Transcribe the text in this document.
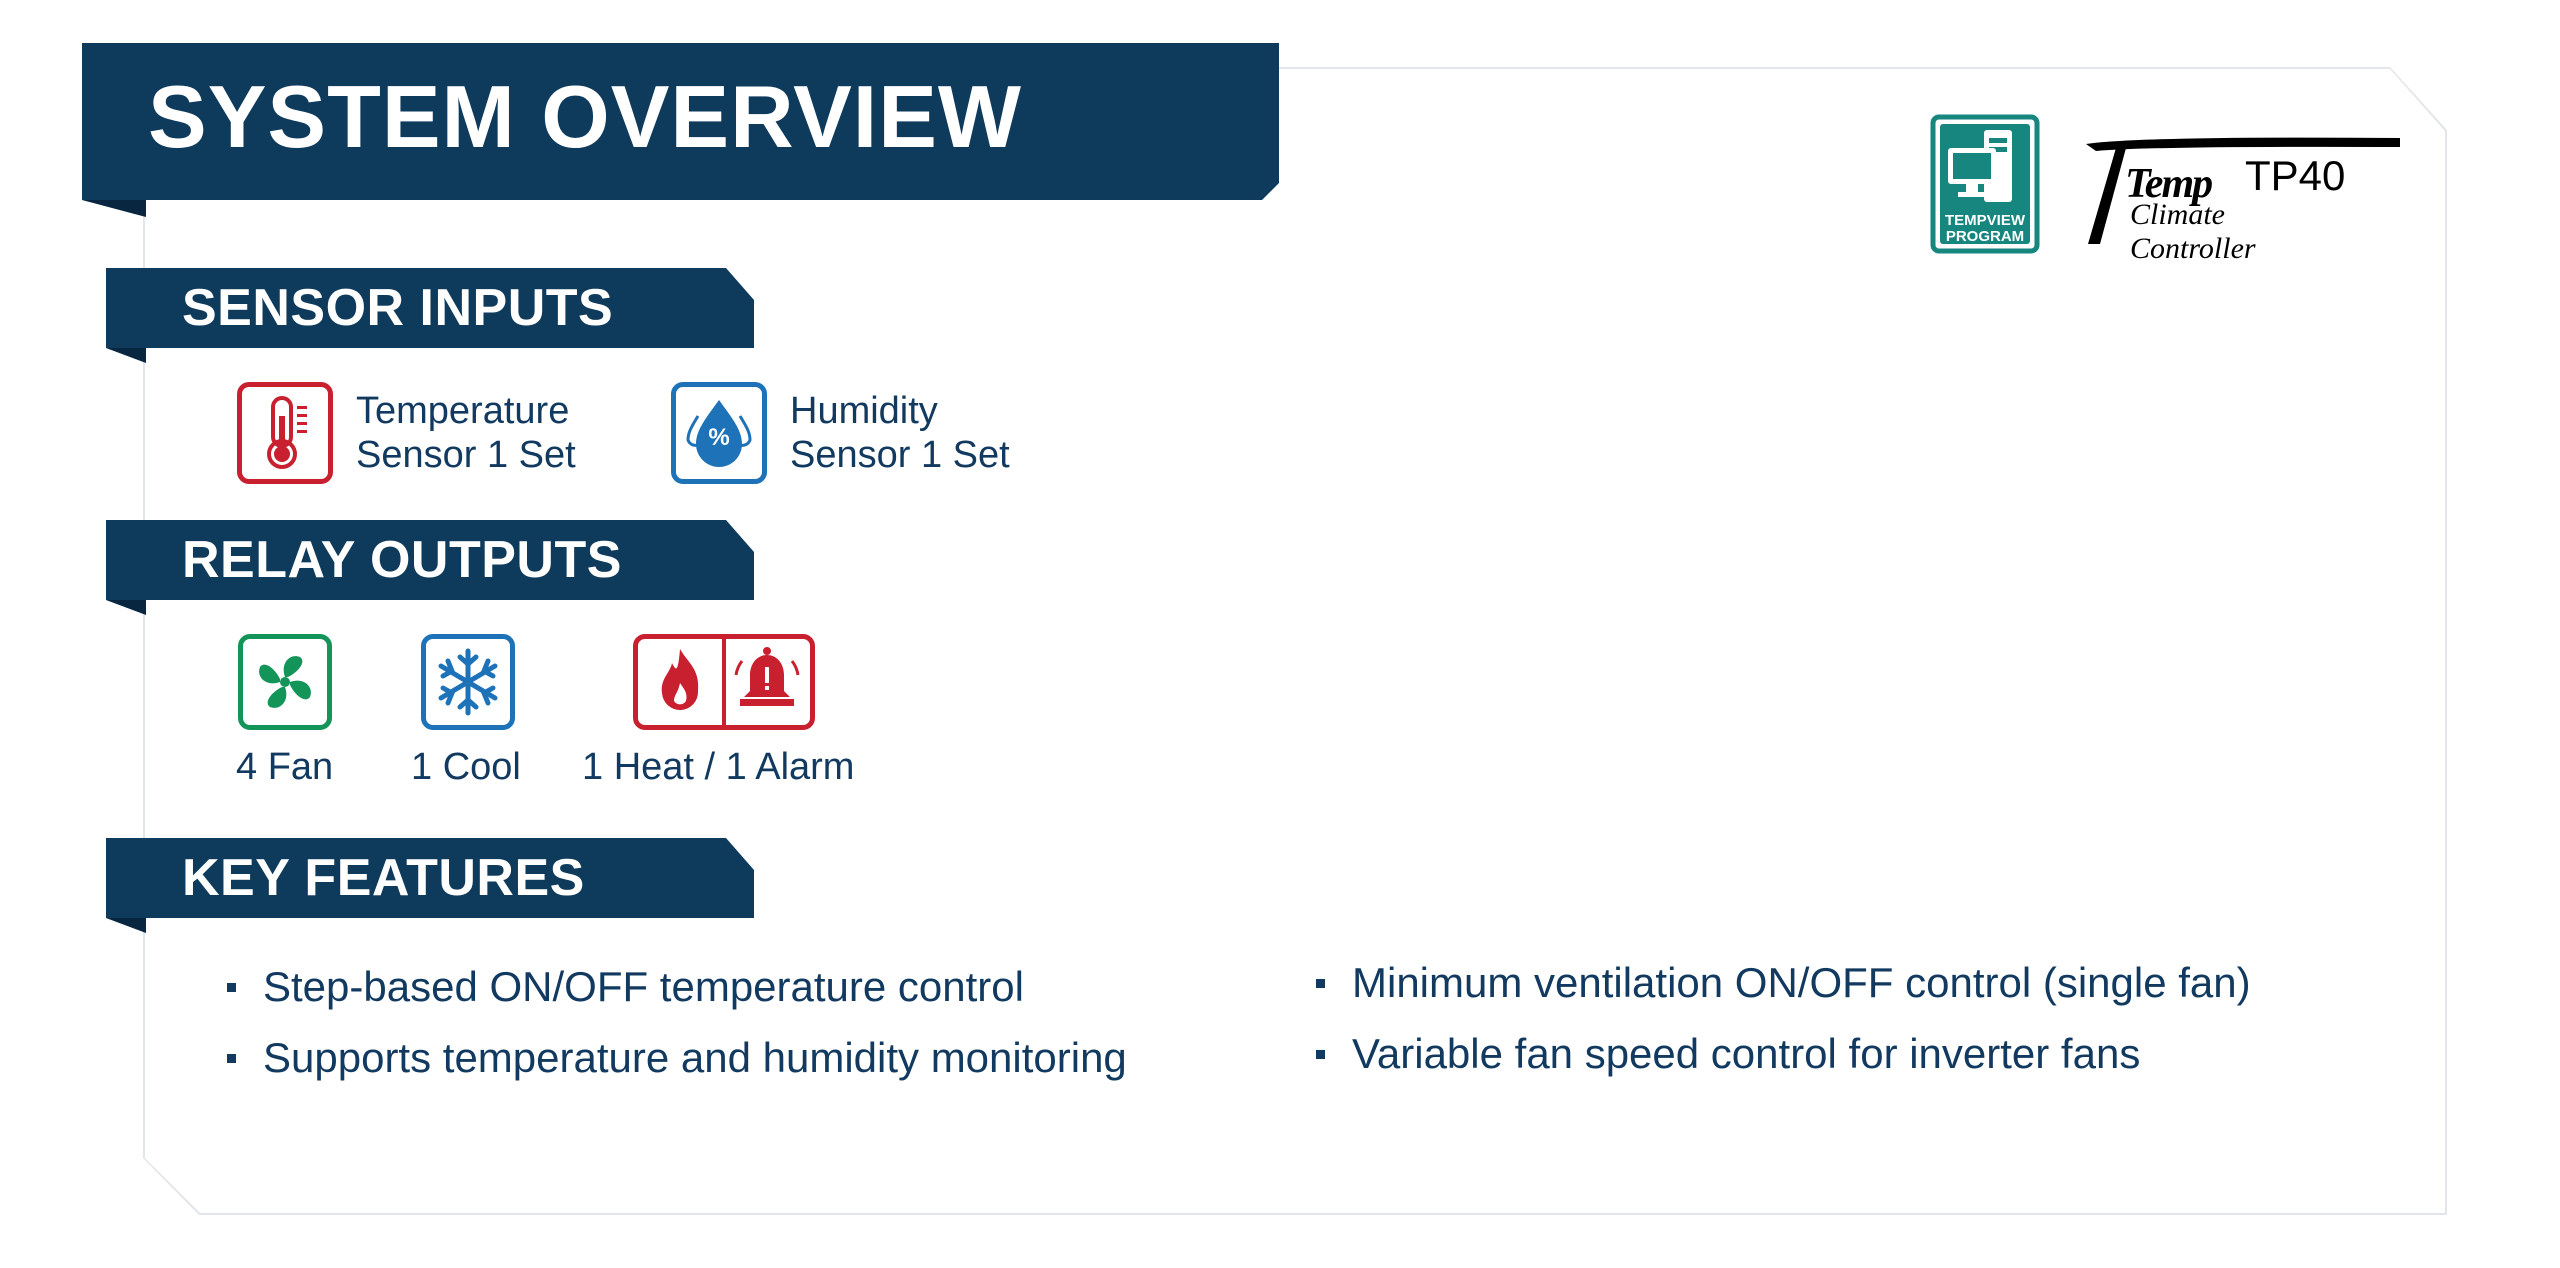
SYSTEM OVERVIEW
TEMPVIEW
PROGRAM
Temp TP40
Climate Controller
SENSOR INPUTS
Temperature
Sensor 1 Set	%
Humidity
Sensor 1 Set
RELAY OUTPUTS
4 Fan 1 Cool 1 Heat / 1 Alarm
KEY FEATURES
Step-based ON/OFF temperature control
Supports temperature and humidity monitoring
Minimum ventilation ON/OFF control (single fan)
Variable fan speed control for inverter fans
